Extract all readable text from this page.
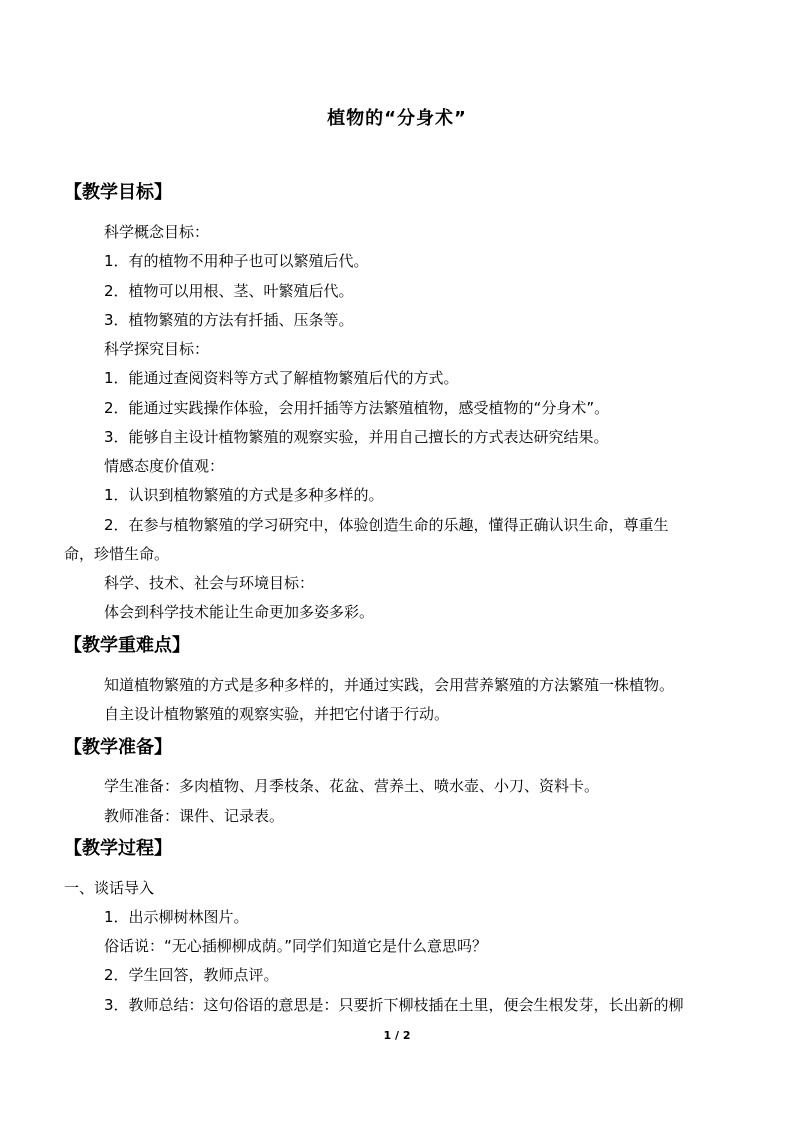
植物的“分身术”
【教学目标】
科学概念目标：
1．有的植物不用种子也可以繁殖后代。
2．植物可以用根、茎、叶繁殖后代。
3．植物繁殖的方法有扦插、压条等。
科学探究目标：
1．能通过查阅资料等方式了解植物繁殖后代的方式。
2．能通过实践操作体验，会用扦插等方法繁殖植物，感受植物的“分身术”。
3．能够自主设计植物繁殖的观察实验，并用自己擅长的方式表达研究结果。
情感态度价值观：
1．认识到植物繁殖的方式是多种多样的。
2．在参与植物繁殖的学习研究中，体验创造生命的乐趣，懂得正确认识生命，尊重生
命，珍惜生命。
科学、技术、社会与环境目标：
体会到科学技术能让生命更加多姿多彩。
【教学重难点】
知道植物繁殖的方式是多种多样的，并通过实践，会用营养繁殖的方法繁殖一株植物。
自主设计植物繁殖的观察实验，并把它付诸于行动。
【教学准备】
学生准备：多肉植物、月季枝条、花盆、营养土、喷水壶、小刀、资料卡。
教师准备：课件、记录表。
【教学过程】
一、谈话导入
1．出示柳树林图片。
俗话说：“无心插柳柳成荫。”同学们知道它是什么意思吗？
2．学生回答，教师点评。
3．教师总结：这句俗语的意思是：只要折下柳枝插在土里，便会生根发芽，长出新的柳
1 / 2
